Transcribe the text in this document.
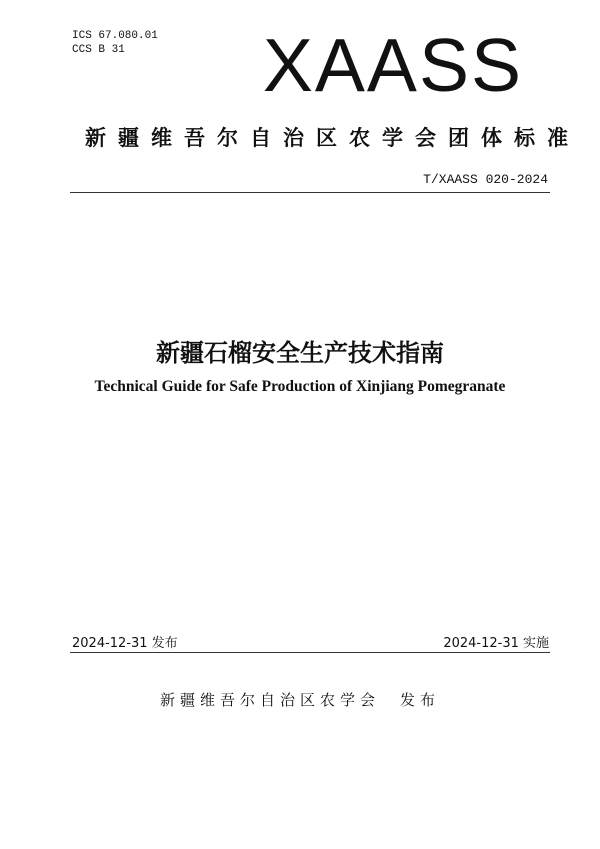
ICS 67.080.01
CCS B 31	XAASS
新疆维吾尔自治区农学会团体标准
T/XAASS 020-2024
新疆石榴安全生产技术指南
Technical Guide for Safe Production of Xinjiang Pomegranate
2024-12-31 发布	2024-12-31 实施
新疆维吾尔自治区农学会　发布
